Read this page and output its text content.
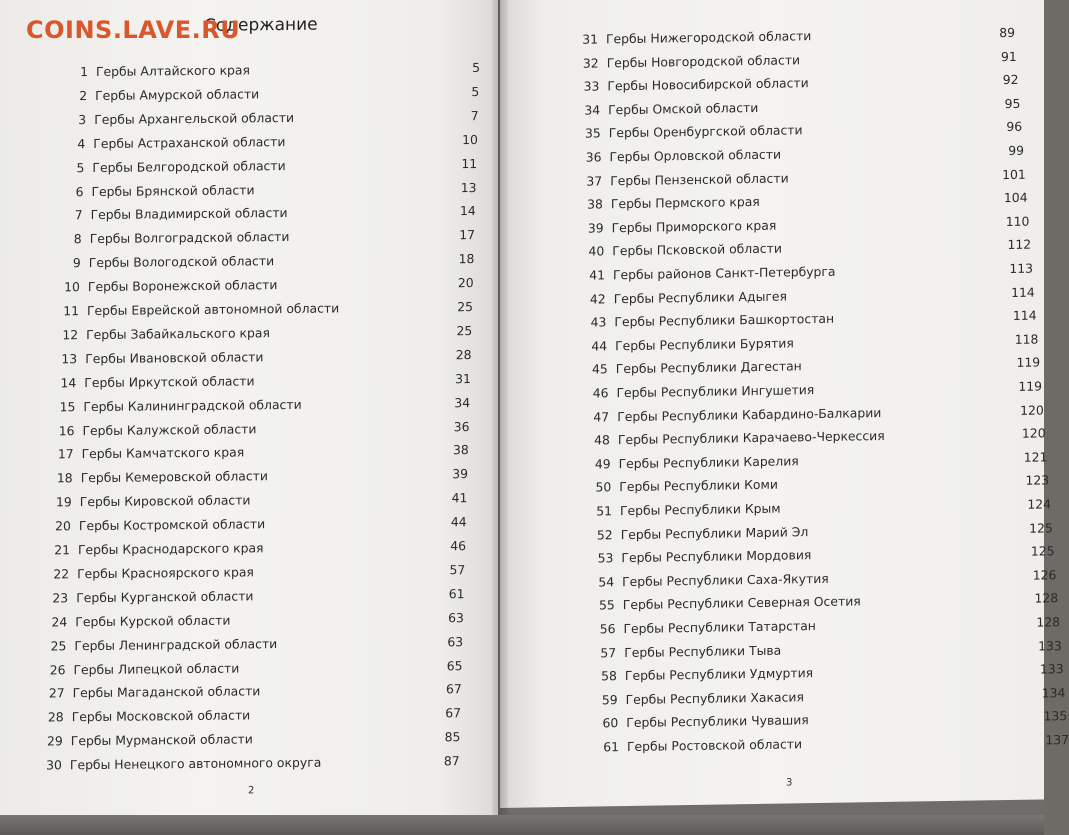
Содержание
1 Гербы Алтайского края	5
2 Гербы Амурской области	5
3 Гербы Архангельской области	7
4 Гербы Астраханской области	10
5 Гербы Белгородской области	11
6 Гербы Брянской области	13
7 Гербы Владимирской области	14
8 Гербы Волгоградской области	17
9 Гербы Вологодской области	18
10 Гербы Воронежской области	20
11 Гербы Еврейской автономной области	25
12 Гербы Забайкальского края	25
13 Гербы Ивановской области	28
14 Гербы Иркутской области	31
15 Гербы Калининградской области	34
16 Гербы Калужской области	36
17 Гербы Камчатского края	38
18 Гербы Кемеровской области	39
19 Гербы Кировской области	41
20 Гербы Костромской области	44
21 Гербы Краснодарского края	46
22 Гербы Красноярского края	57
23 Гербы Курганской области	61
24 Гербы Курской области	63
25 Гербы Ленинградской области	63
26 Гербы Липецкой области	65
27 Гербы Магаданской области	67
28 Гербы Московской области	67
29 Гербы Мурманской области	85
30 Гербы Ненецкого автономного округа	87
2
31 Гербы Нижегородской области	89
32 Гербы Новгородской области	91
33 Гербы Новосибирской области	92
34 Гербы Омской области	95
35 Гербы Оренбургской области	96
36 Гербы Орловской области	99
37 Гербы Пензенской области	101
38 Гербы Пермского края	104
39 Гербы Приморского края	110
40 Гербы Псковской области	112
41 Гербы районов Санкт-Петербурга	113
42 Гербы Республики Адыгея	114
43 Гербы Республики Башкортостан	114
44 Гербы Республики Бурятия	118
45 Гербы Республики Дагестан	119
46 Гербы Республики Ингушетия	119
47 Гербы Республики Кабардино-Балкарии	120
48 Гербы Республики Карачаево-Черкессия	120
49 Гербы Республики Карелия	121
50 Гербы Республики Коми	123
51 Гербы Республики Крым	124
52 Гербы Республики Марий Эл	125
53 Гербы Республики Мордовия	125
54 Гербы Республики Саха-Якутия	126
55 Гербы Республики Северная Осетия	128
56 Гербы Республики Татарстан	128
57 Гербы Республики Тыва	133
58 Гербы Республики Удмуртия	133
59 Гербы Республики Хакасия	134
60 Гербы Республики Чувашия	135
61 Гербы Ростовской области	137
3
COINS.LAVE.RU
